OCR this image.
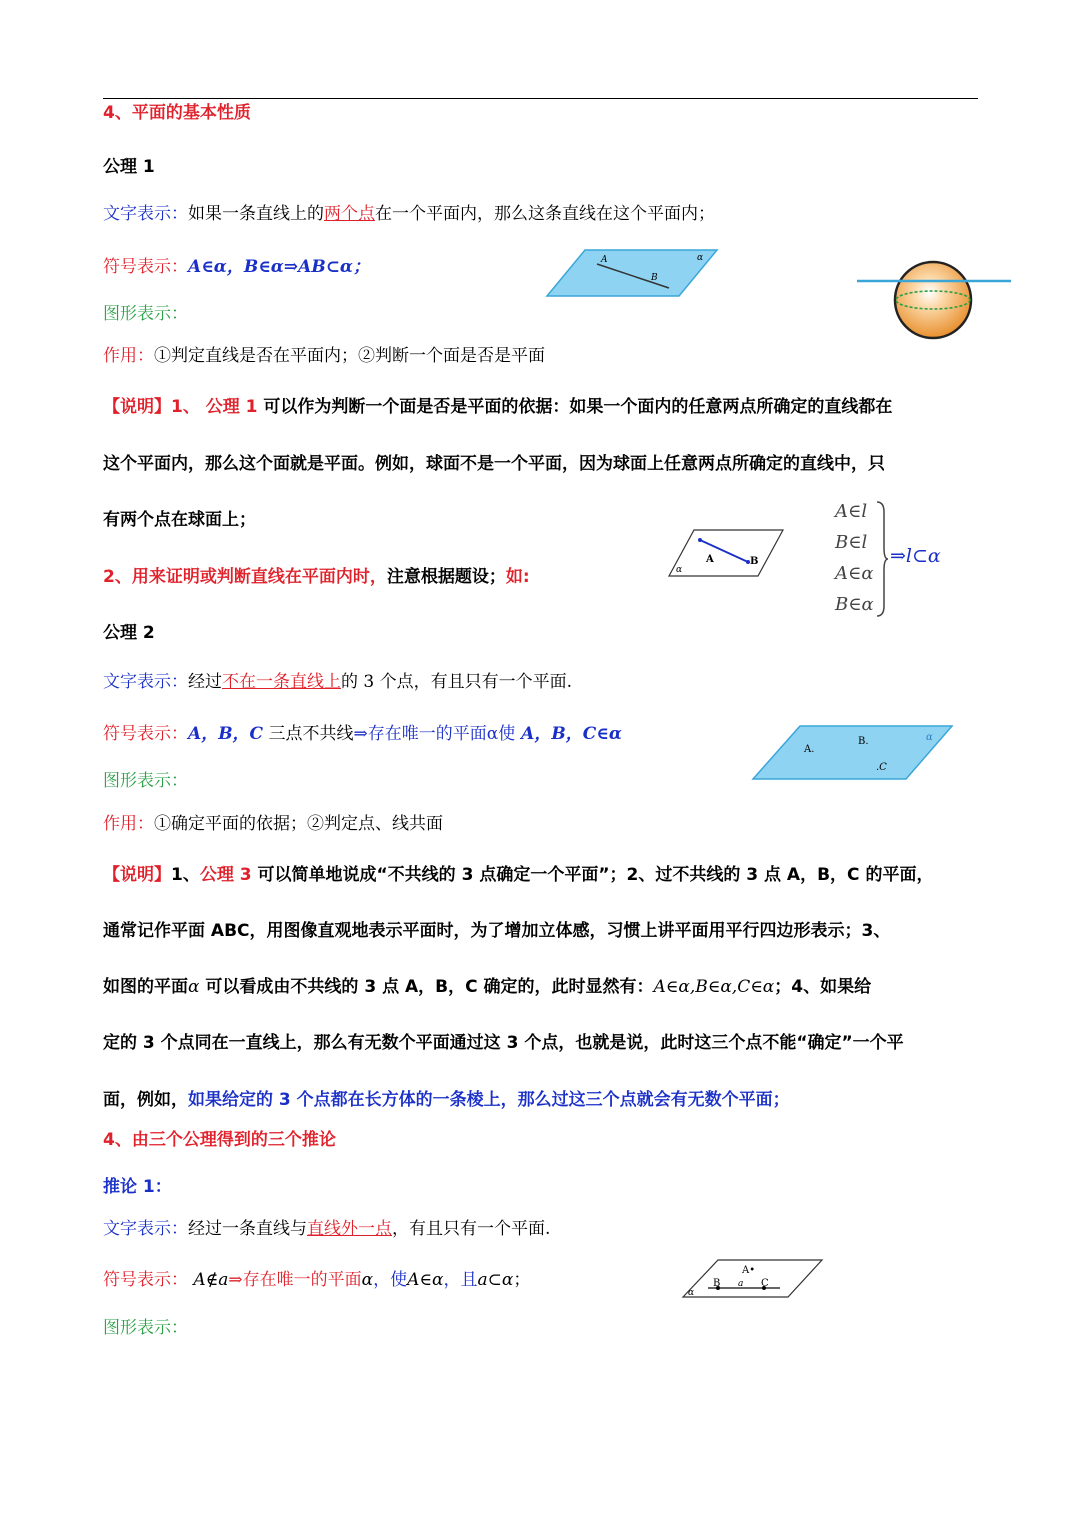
4、平面的基本性质
公理 1
文字表示：如果一条直线上的两个点在一个平面内，那么这条直线在这个平面内；
符号表示：A∈α，B∈α⇒AB⊂α；
图形表示：
作用：①判定直线是否在平面内；②判断一个面是否是平面
A
B
α
【说明】1、 公理 1 可以作为判断一个面是否是平面的依据：如果一个面内的任意两点所确定的直线都在
这个平面内，那么这个面就是平面。例如，球面不是一个平面，因为球面上任意两点所确定的直线中，只
有两个点在球面上；
2、用来证明或判断直线在平面内时，注意根据题设；如:
A	B
α
A∈l
B∈l
A∈α
B∈α
⇒l⊂α
公理 2
文字表示：经过不在一条直线上的 3 个点，有且只有一个平面.
符号表示：A，B，C 三点不共线⇒存在唯一的平面α使 A，B，C∈α
图形表示：
作用：①确定平面的依据；②判定点、线共面
A.
B.
.C
α
【说明】1、公理 3 可以简单地说成“不共线的 3 点确定一个平面”；2、过不共线的 3 点 A，B，C 的平面，
通常记作平面 ABC，用图像直观地表示平面时，为了增加立体感，习惯上讲平面用平行四边形表示；3、
如图的平面α 可以看成由不共线的 3 点 A，B，C 确定的，此时显然有：A∈α,B∈α,C∈α；4、如果给
定的 3 个点同在一直线上，那么有无数个平面通过这 3 个点，也就是说，此时这三个点不能“确定”一个平
面，例如，如果给定的 3 个点都在长方体的一条棱上，那么过这三个点就会有无数个平面；
4、由三个公理得到的三个推论
推论 1：
文字表示：经过一条直线与直线外一点，有且只有一个平面.
符号表示： A∉a⇒存在唯一的平面α，使A∈α，且a⊂α；	A•
B a C
α
图形表示：
